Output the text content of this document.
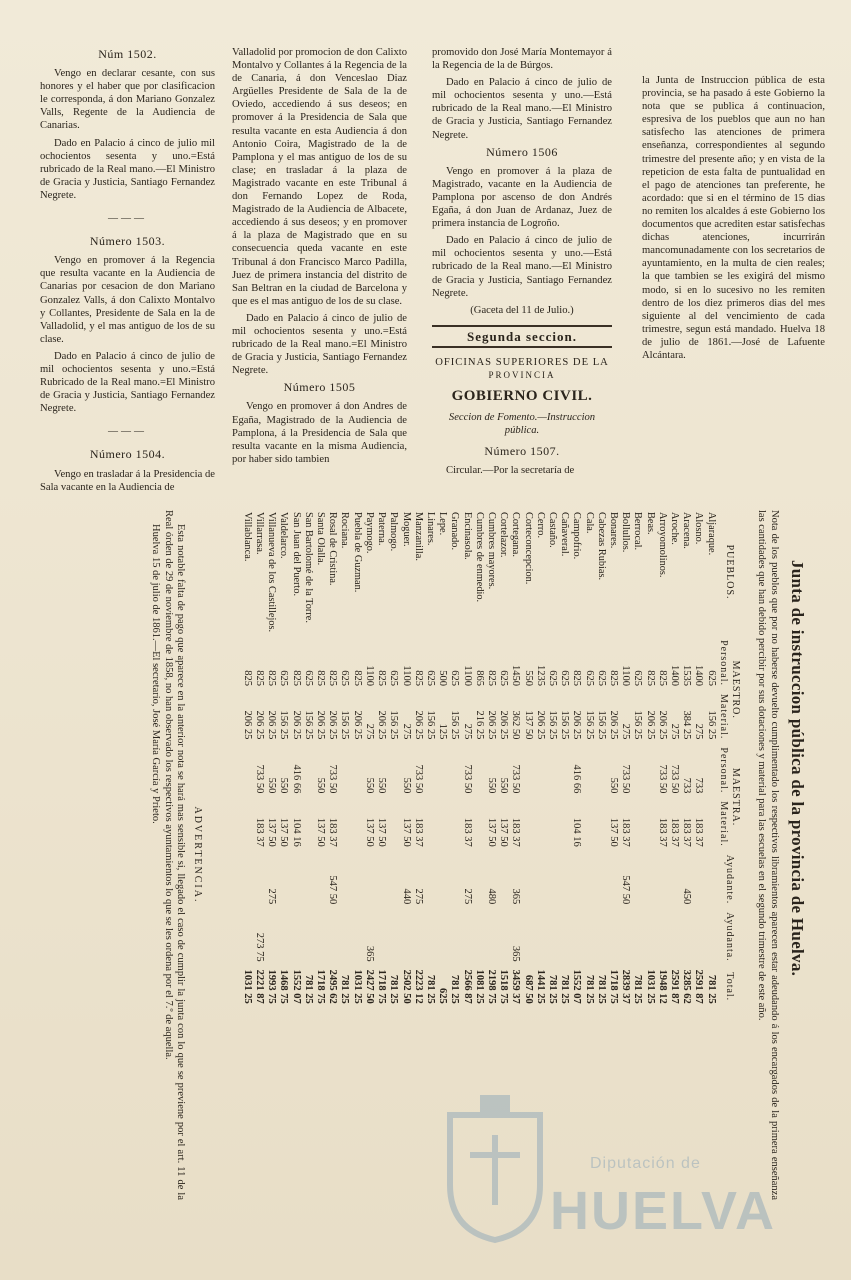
Núm 1502.

Vengo en declarar cesante, con sus honores y el haber que por clasificacion le corresponda, á don Mariano Gonzalez Valls, Regente de la Audiencia de Canarias.

Dado en Palacio á cinco de julio mil ochocientos sesenta y uno.=Está rubricado de la Real mano.—El Ministro de Gracia y Justicia, Santiago Fernandez Negrete.

———
Número 1503.

Vengo en promover á la Regencia que resulta vacante en la Audiencia de Canarias por cesacion de don Mariano Gonzalez Valls, á don Calixto Montalvo y Collantes, Presidente de Sala en la de Valladolid, y el mas antiguo de los de su clase.

Dado en Palacio á cinco de julio de mil ochocientos sesenta y uno.=Está Rubricado de la Real mano.=El Ministro de Gracia y Justicia, Santiago Fernandez Negrete.

———
Número 1504.

Vengo en trasladar á la Presidencia de Sala vacante en la Audiencia de

Valladolid por promocion de don Calixto Montalvo y Collantes á la Regencia de la de Canaria, á don Venceslao Diaz Argüelles Presidente de Sala de la de Oviedo, accediendo á sus deseos; en promover á la Presidencia de Sala que resulta vacante en esta Audiencia á don Antonio Coira, Magistrado de la de Pamplona y el mas antiguo de los de su clase; en trasladar á la plaza de Magistrado vacante en este Tribunal á don Fernando Lopez de Roda, Magistrado de la Audiencia de Albacete, accediendo á sus deseos; y en promover á la plaza de Magistrado que en su consecuencia queda vacante en este Tribunal á don Francisco Marco Padilla, Juez de primera instancia del distrito de San Beltran en la ciudad de Barcelona y que es el mas antiguo de los de su clase.

Dado en Palacio á cinco de julio de mil ochocientos sesenta y uno.=Está rubricado de la Real mano.=El Ministro de Gracia y Justicia, Santiago Fernandez Negrete.

Número 1505

Vengo en promover á don Andres de Egaña, Magistrado de la Audiencia de Pamplona, á la Presidencia de Sala que resulta vacante en la misma Audiencia, por haber sido tambien

promovido don José María Montemayor á la Regencia de la de Búrgos.

Dado en Palacio á cinco de julio de mil ochocientos sesenta y uno.—Está rubricado de la Real mano.—El Ministro de Gracia y Justicia, Santiago Fernandez Negrete.

Número 1506

Vengo en promover á la plaza de Magistrado, vacante en la Audiencia de Pamplona por ascenso de don Andrés Egaña, á don Juan de Ardanaz, Juez de primera instancia de Logroño.

Dado en Palacio á cinco de julio de mil ochocientos sesenta y uno.—Está rubricado de la Real mano.—El Ministro de Gracia y Justicia, Santiago Fernandez Negrete.

(Gaceta del 11 de Julio.)
Segunda seccion.
OFICINAS SUPERIORES DE LA
PROVINCIA
GOBIERNO CIVIL.
Seccion de Fomento.—Instruccion pública.
Número 1507.

Circular.—Por la secretaría de

la Junta de Instruccion pública de esta provincia, se ha pasado á este Gobierno la nota que se publica á continuacion, espresiva de los pueblos que aun no han satisfecho las atenciones de primera enseñanza, correspondientes al segundo trimestre del presente año; y en vista de la repeticion de esta falta de puntualidad en el pago de atenciones tan preferente, he acordado: que si en el término de 15 dias no remiten los alcaldes á este Gobierno los documentos que acrediten estar satisfechas dichas atenciones, incurrirán mancomunadamente con los secretarios de ayuntamiento, en la multa de cien reales; la que tambien se les exigirá del mismo modo, si en lo sucesivo no les remiten dentro de los diez primeros dias del mes siguiente al del vencimiento de cada trimestre, segun está mandado. Huelva 18 de julio de 1861.—José de Lafuente Alcántara.

Junta de instruccion pública de la provincia de Huelva.
Nota de los pueblos que por no haberse devuelto cumplimentado los respectivos libramientos aparecen estar adeudando á los encargados de la primera enseñanza las cantidades que han debido percibir por sus dotaciones y material para las escuelas en el segundo trimestre de este año.
PUEBLOS.	MAESTRO.		MAESTRA.		Ayudante.	Ayudanta.	Total.
	Personal.	Material.	Personal.	Material.			
Aljaraque.	625	156 25					781 25
Alosno.	1400	275	733	183 37			2591 87
Aracena.	1535	384 25	733	183 37	450		3285 62
Aroche.	1400	275	733 50	183 37			2591 87
Arroyomolinos.	825	206 25	733 50	183 37			1948 12
Beas.	825	206 25					1031 25
Berrocal.	625	156 25					781 25
Bollullos.	1100	275	733 50	183 37	547 50		2839 37
Bonares.	825	206 25	550	137 50			1718 75
Cabezas Rubias.	625	156 25					781 25
Cala.	625	156 25					781 25
Campofrio.	825	206 25	416 66	104 16			1552 07
Cañaveral.	625	156 25					781 25
Castaño.	625	156 25					781 25
Cerro.	1235	206 25					1441 25
Corteconcepcion.	550	137 50					687 50
Cortegana.	1450	362 50	733 50	183 37	365	365	3459 37
Cortelazor.	625	206 25	550	137 50			1518 75
Cumbres mayores.	825	206 25	550	137 50	480		2198 75
Cumbres de enmedio.	865	216 25					1081 25
Encinasola.	1100	275	733 50	183 37	275		2566 87
Granado.	625	156 25					781 25
Lepe.	500	125					625
Linares.	625	156 25					781 25
Manzanilla.	825	206 25	733 50	183 37	275		2223 12
Moguer.	1100	275	550	137 50	440		2502 50
Palmogo.	625	156 25					781 25
Paterna.	825	206 25	550	137 50			1718 75
Paymogo.	1100	275	550	137 50		365	2427 50
Puebla de Guzman.	825	206 25					1031 25
Rociana.	625	156 25					781 25
Rosal de Cristina.	825	206 25	733 50	183 37	547 50		2495 62
Santa Olalla.	825	206 25	550	137 50			1718 75
San Bartolomé de la Torre.	625	156 25					781 25
San Juan del Puerto.	825	206 25	416 66	104 16			1552 07
Valdelarco.	625	156 25	550	137 50			1468 75
Villanueva de los Castillejos.	825	206 25	550	137 50	275		1993 75
Villarrasa.	825	206 25	733 50	183 37		273 75	2221 87
Villablanca.	825	206 25					1031 25
ADVERTENCIA.
Esta notable falta de pago que aparece en la anterior nota se hará mas sensible si, llegado el caso de cumplir la junta con lo que se previene por el art. 11 de la Real órden de 29 de noviembre de 1858, no han observado los respectivos ayuntamientos lo que se les ordena por el 7.º de aquella.
Huelva 15 de julio de 1861.—El secretario, José María García y Prieto.
Diputación de
HUELVA
